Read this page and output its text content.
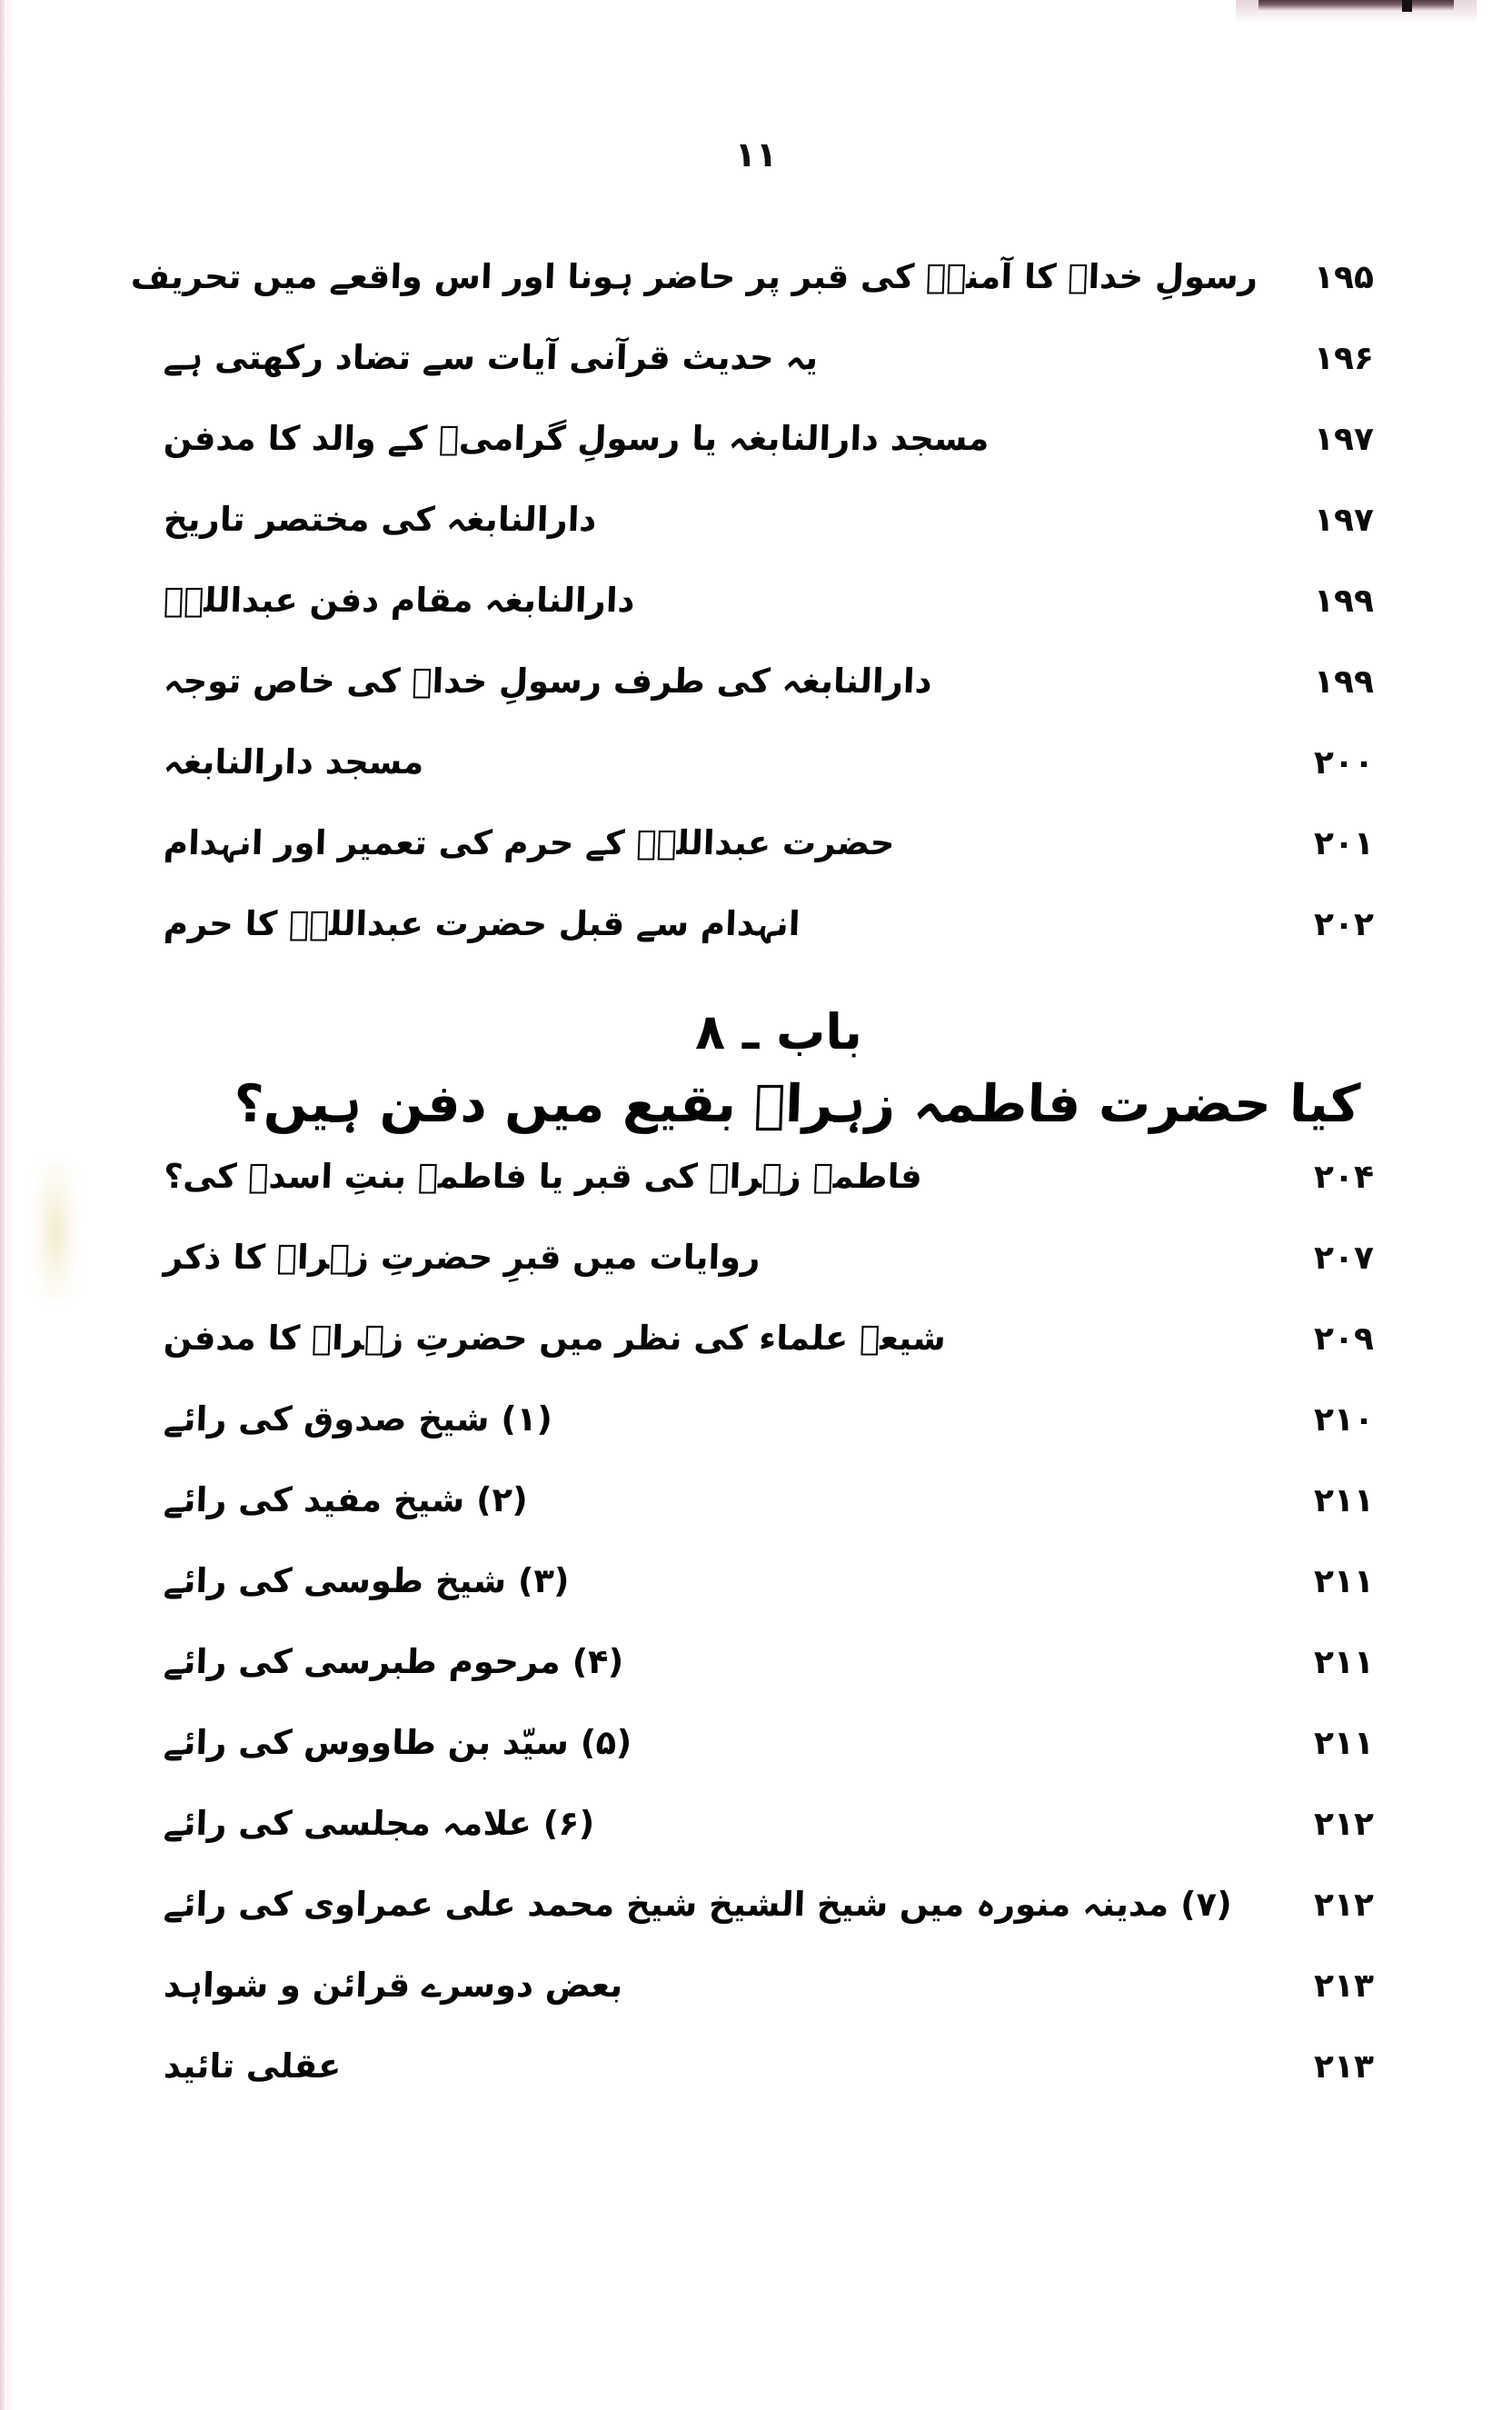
۱۱
۱۹۵
رسولِ خداؐ کا آمنہؑ کی قبر پر حاضر ہونا اور اس واقعے میں تحریف
۱۹۶
یہ حدیث قرآنی آیات سے تضاد رکھتی ہے
۱۹۷
مسجد دارالنابغہ یا رسولِ گرامیؐ کے والد کا مدفن
۱۹۷
دارالنابغہ کی مختصر تاریخ
۱۹۹
دارالنابغہ مقام دفن عبداللہؑ
۱۹۹
دارالنابغہ کی طرف رسولِ خداؐ کی خاص توجہ
۲۰۰
مسجد دارالنابغہ
۲۰۱
حضرت عبداللہؑ کے حرم کی تعمیر اور انہدام
۲۰۲
انہدام سے قبل حضرت عبداللہؑ کا حرم
باب ـ ۸
کیا حضرت فاطمہ زہراؑ بقیع میں دفن ہیں؟
۲۰۴
فاطمہ زہراؑ کی قبر یا فاطمہ بنتِ اسدؑ کی؟
۲۰۷
روایات میں قبرِ حضرتِ زہراؑ کا ذکر
۲۰۹
شیعہ علماء کی نظر میں حضرتِ زہراؑ کا مدفن
۲۱۰
(۱) شیخ صدوق کی رائے
۲۱۱
(۲) شیخ مفید کی رائے
۲۱۱
(۳) شیخ طوسی کی رائے
۲۱۱
(۴) مرحوم طبرسی کی رائے
۲۱۱
(۵) سیّد بن طاووس کی رائے
۲۱۲
(۶) علامہ مجلسی کی رائے
۲۱۲
(۷) مدینہ منورہ میں شیخ الشیخ شیخ محمد علی عمراوی کی رائے
۲۱۳
بعض دوسرے قرائن و شواہد
۲۱۳
عقلی تائید
